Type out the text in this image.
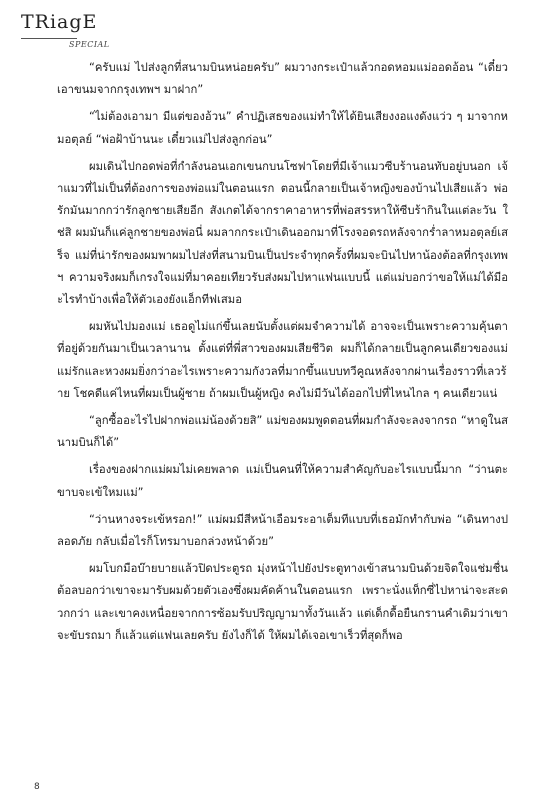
TRiagE
SPECIAL

“ครับแม่ ไปส่งลูกที่สนามบินหน่อยครับ” ผมวางกระเป๋าแล้วกอดหอมแม่ออดอ้อน “เดี๋ยวเอาขนมจากกรุงเทพฯ มาฝาก”

“ไม่ต้องเอามา มีแต่ของอ้วน” คำปฏิเสธของแม่ทำให้ได้ยินเสียงงอแงดังแว่ว ๆ มาจากหมอตุลย์ “พ่อฝ้าบ้านนะ เดี๋ยวแม่ไปส่งลูกก่อน”

ผมเดินไปกอดพ่อที่กำลังนอนเอกเขนกบนโซฟาโดยที่มีเจ้าแมวซีบร้านอนทับอยู่บนอก เจ้าแมวที่ไม่เป็นที่ต้องการของพ่อแม่ในตอนแรก ตอนนี้กลายเป็นเจ้าหญิงของบ้านไปเสียแล้ว พ่อรักมันมากกว่ารักลูกชายเสียอีก สังเกตได้จากราคาอาหารที่พ่อสรรหาให้ซีบร้ากินในแต่ละวัน ใช่สิ ผมมันก็แค่ลูกชายของพ่อนี่ ผมลากกระเป๋าเดินออกมาที่โรงจอดรถหลังจากร่ำลาหมอตุลย์เสร็จ แม่ที่น่ารักของผมพาผมไปส่งที่สนามบินเป็นประจำทุกครั้งที่ผมจะบินไปหาน้องต้อลที่กรุงเทพฯ ความจริงผมก็เกรงใจแม่ที่มาคอยเทียวรับส่งผมไปหาแฟนแบบนี้ แต่แม่บอกว่าขอให้แม่ได้มีอะไรทำบ้างเพื่อให้ตัวเองยังแอ็กทีฟเสมอ

ผมหันไปมองแม่ เธอดูไม่แก่ขึ้นเลยนับตั้งแต่ผมจำความได้ อาจจะเป็นเพราะความคุ้นตาที่อยู่ด้วยกันมาเป็นเวลานาน ตั้งแต่ที่พี่สาวของผมเสียชีวิต ผมก็ได้กลายเป็นลูกคนเดียวของแม่ แม่รักและหวงผมยิ่งกว่าอะไรเพราะความกังวลที่มากขึ้นแบบทวีคูณหลังจากผ่านเรื่องราวที่เลวร้าย โชคดีแค่ไหนที่ผมเป็นผู้ชาย ถ้าผมเป็นผู้หญิง คงไม่มีวันได้ออกไปที่ไหนไกล ๆ คนเดียวแน่

“ลูกซื้ออะไรไปฝากพ่อแม่น้องด้วยสิ” แม่ของผมพูดตอนที่ผมกำลังจะลงจากรถ “หาดูในสนามบินก็ได้”

เรื่องของฝากแม่ผมไม่เคยพลาด แม่เป็นคนที่ให้ความสำคัญกับอะไรแบบนี้มาก “ว่านตะขาบจะเข้ใหมแม่”

“ว่านหางจระเข้หรอก!” แม่ผมมีสีหน้าเอือมระอาเต็มทีแบบที่เธอมักทำกับพ่อ “เดินทางปลอดภัย กลับเมื่อไรก็โทรมาบอกล่วงหน้าด้วย”

ผมโบกมือบ๊ายบายแล้วปิดประตูรถ มุ่งหน้าไปยังประตูทางเข้าสนามบินด้วยจิตใจแช่มชื่น ต้อลบอกว่าเขาจะมารับผมด้วยตัวเองซึ่งผมคัดค้านในตอนแรก เพราะนั่งแท็กซี่ไปหาน่าจะสะดวกกว่า และเขาคงเหนื่อยจากการซ้อมรับปริญญามาทั้งวันแล้ว แต่เด็กดื้อยืนกรานคำเดิมว่าเขาจะขับรถมา ก็แล้วแต่แฟนเลยครับ ยังไงก็ได้ ให้ผมได้เจอเขาเร็วที่สุดก็พอ

8
